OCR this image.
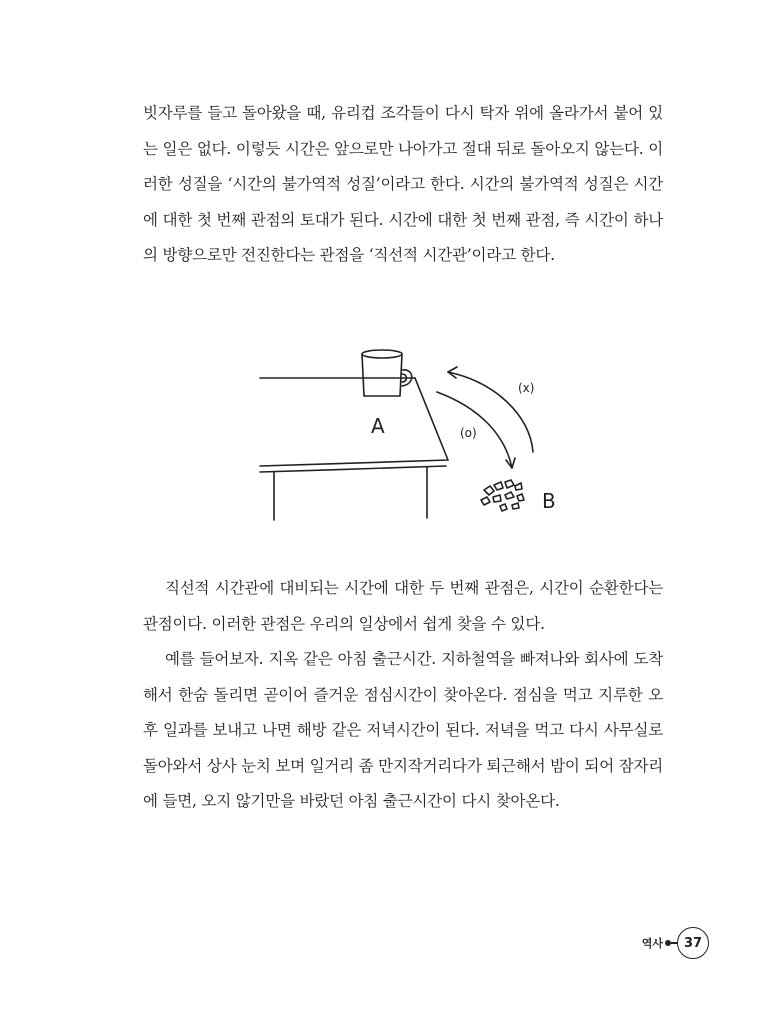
빗자루를 들고 돌아왔을 때, 유리컵 조각들이 다시 탁자 위에 올라가서 붙어 있는 일은 없다. 이렇듯 시간은 앞으로만 나아가고 절대 뒤로 돌아오지 않는다. 이러한 성질을 ‘시간의 불가역적 성질’이라고 한다. 시간의 불가역적 성질은 시간에 대한 첫 번째 관점의 토대가 된다. 시간에 대한 첫 번째 관점, 즉 시간이 하나의 방향으로만 전진한다는 관점을 ‘직선적 시간관’이라고 한다.

A
B
(o)
(x)

직선적 시간관에 대비되는 시간에 대한 두 번째 관점은, 시간이 순환한다는 관점이다. 이러한 관점은 우리의 일상에서 쉽게 찾을 수 있다.

예를 들어보자. 지옥 같은 아침 출근시간. 지하철역을 빠져나와 회사에 도착해서 한숨 돌리면 곧이어 즐거운 점심시간이 찾아온다. 점심을 먹고 지루한 오후 일과를 보내고 나면 해방 같은 저녁시간이 된다. 저녁을 먹고 다시 사무실로 돌아와서 상사 눈치 보며 일거리 좀 만지작거리다가 퇴근해서 밤이 되어 잠자리에 들면, 오지 않기만을 바랐던 아침 출근시간이 다시 찾아온다.

역사 37
